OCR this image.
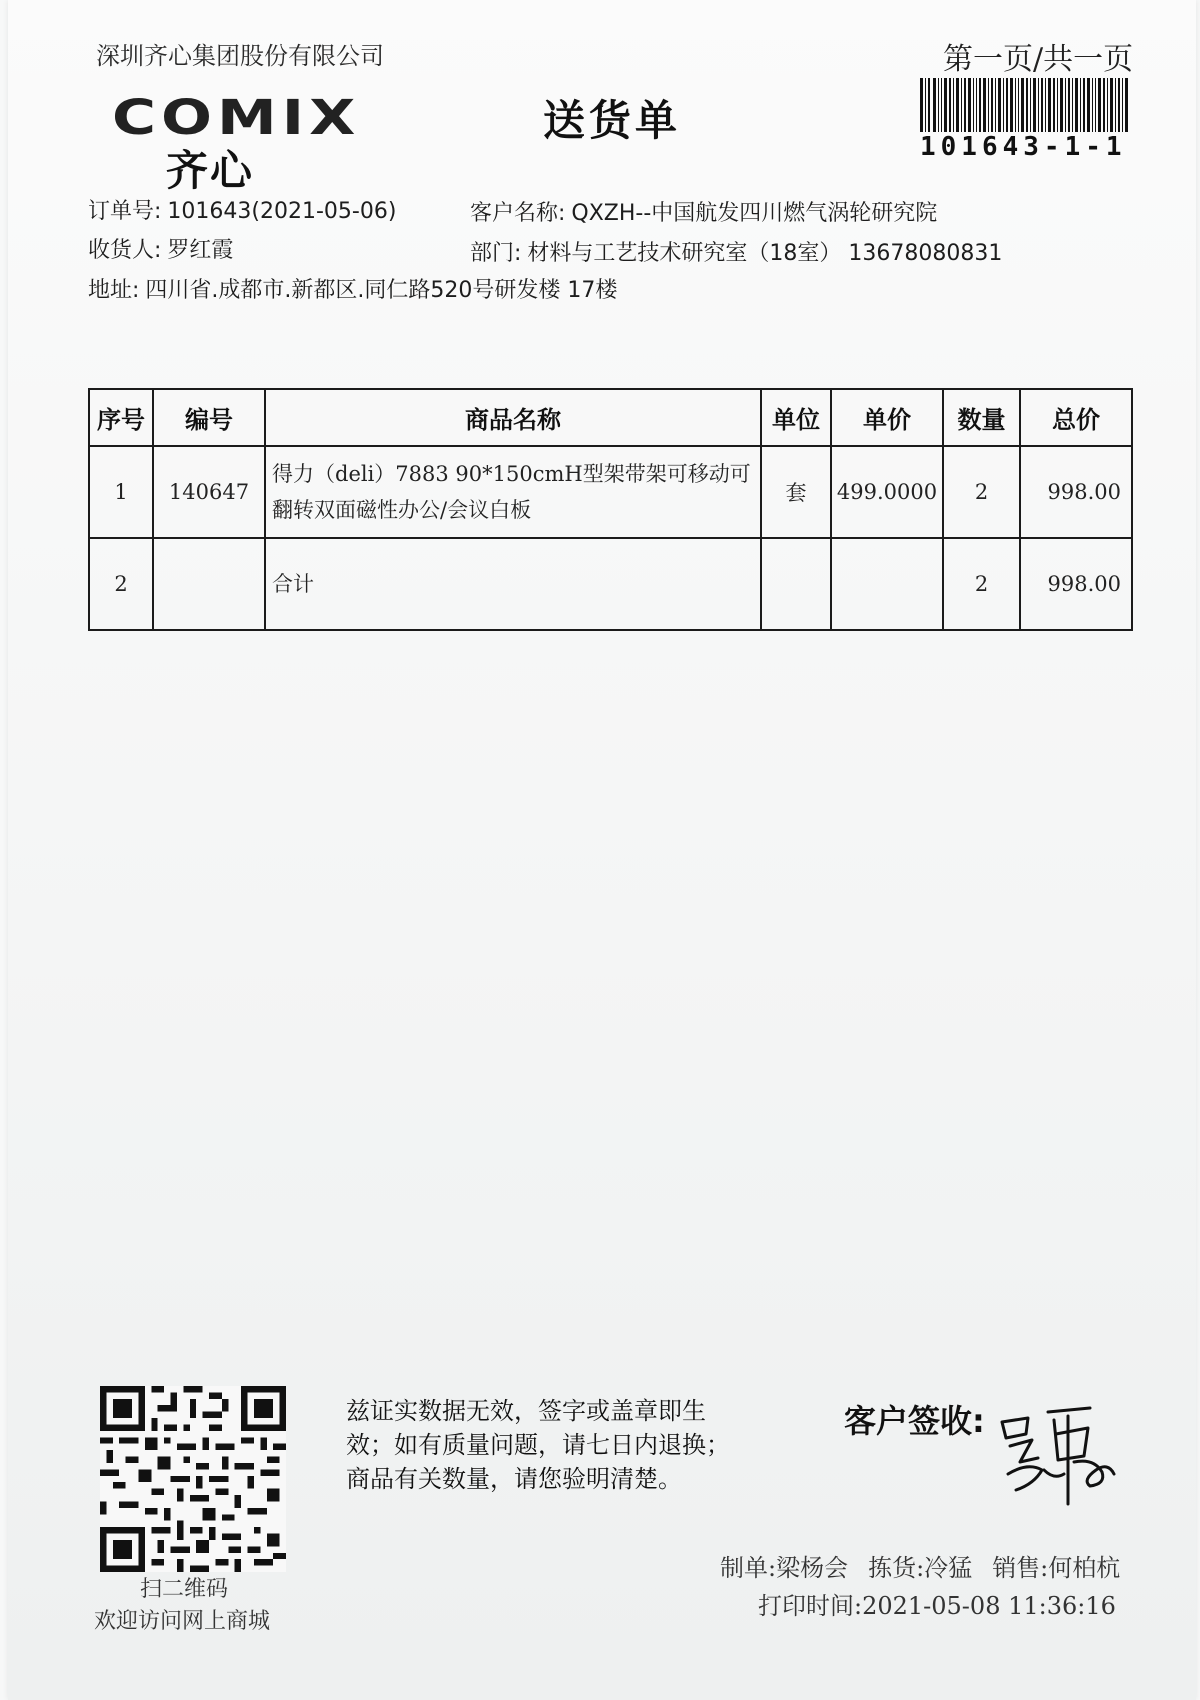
深圳齐心集团股份有限公司
COMIX
齐心
送货单
第一页/共一页
101643-1-1
订单号: 101643(2021-05-06)	客户名称: QXZH--中国航发四川燃气涡轮研究院
收货人: 罗红霞	部门: 材料与工艺技术研究室（18室） 13678080831
地址: 四川省.成都市.新都区.同仁路520号研发楼 17楼
序号	编号	商品名称	单位	单价	数量	总价
1	140647	得力（deli）7883 90*150cmH型架带架可移动可
翻转双面磁性办公/会议白板	套	499.0000	2	998.00
2		合计			2	998.00
扫二维码
欢迎访问网上商城
兹证实数据无效，签字或盖章即生
效；如有质量问题，请七日内退换；
商品有关数量，请您验明清楚。
客户签收:
制单:梁杨会 拣货:冷猛 销售:何柏杭
打印时间:2021-05-08 11:36:16
